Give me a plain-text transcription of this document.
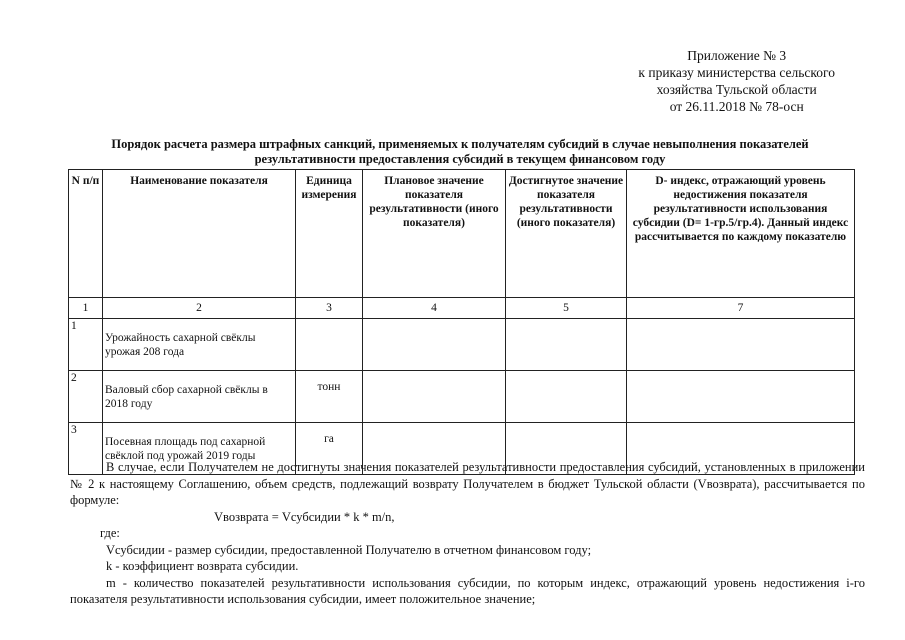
Приложение № 3
к приказу министерства сельского
хозяйства Тульской области
от 26.11.2018 № 78-осн
Порядок расчета размера штрафных санкций, применяемых к получателям субсидий в случае невыполнения показателей результативности предоставления субсидий в текущем финансовом году
N п/п	Наименование показателя	Единица измерения	Плановое значение показателя результативности (иного показателя)	Достигнутое значение показателя результативности (иного показателя)	D- индекс, отражающий уровень недостижения показателя результативности использования субсидии (D= 1-гр.5/гр.4). Данный индекс рассчитывается по каждому показателю
1	2	3	4	5	7
1	Урожайность сахарной свёклы урожая 208 года				
2	Валовый сбор сахарной свёклы в 2018 году	тонн			
3	Посевная площадь под сахарной свёклой под урожай 2019 годы	га			

В случае, если Получателем не достигнуты значения показателей результативности предоставления субсидий, установленных в приложении № 2 к настоящему Соглашению, объем средств, подлежащий возврату Получателем в бюджет Тульской области (Vвозврата), рассчитывается по формуле:

Vвозврата = Vсубсидии * k * m/n,

где:

Vсубсидии - размер субсидии, предоставленной Получателю в отчетном финансовом году;

k - коэффициент возврата субсидии.

m - количество показателей результативности использования субсидии, по которым индекс, отражающий уровень недостижения i-го показателя результативности использования субсидии, имеет положительное значение;
